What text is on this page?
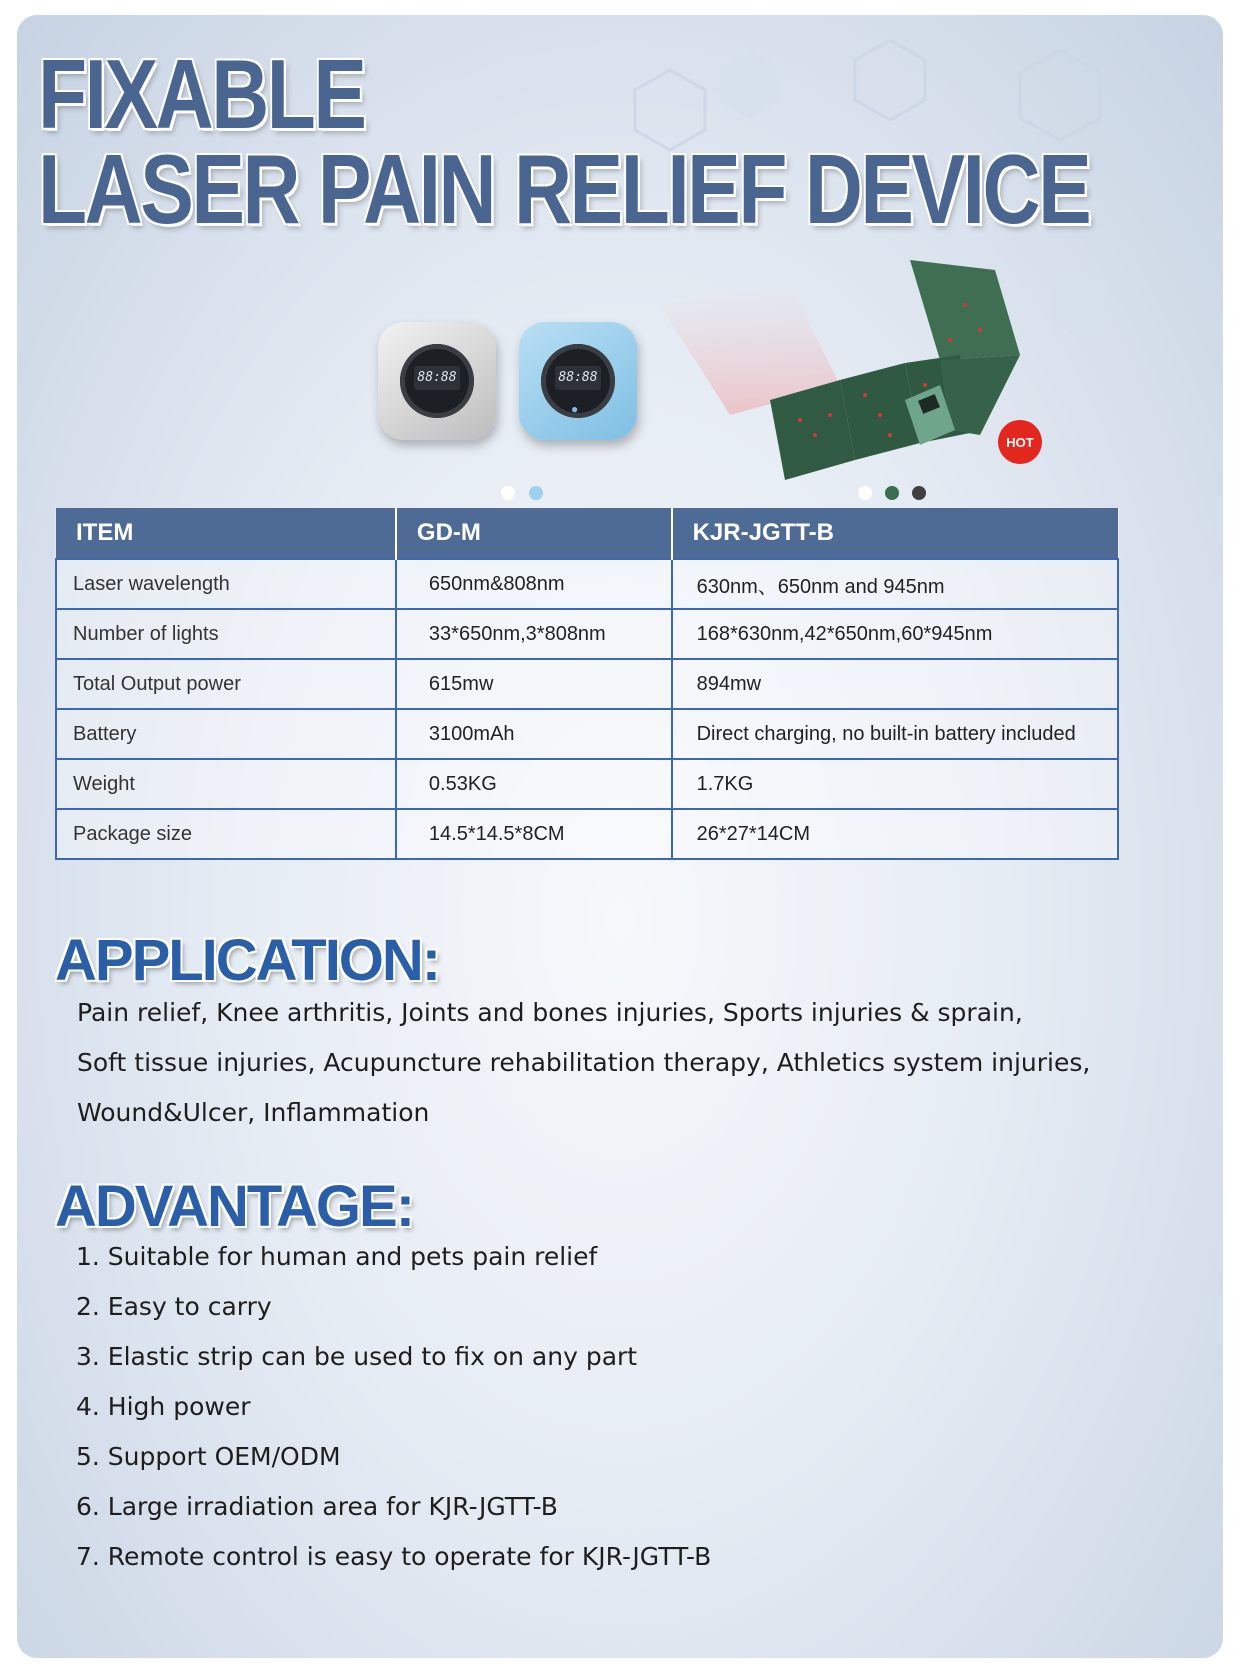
FIXABLE
LASER PAIN RELIEF DEVICE
88:88	88:88
●
HOT
ITEM	GD-M	KJR-JGTT-B
Laser wavelength	650nm&808nm	630nm、650nm and 945nm
Number of lights	33*650nm,3*808nm	168*630nm,42*650nm,60*945nm
Total Output power	615mw	894mw
Battery	3100mAh	Direct charging, no built-in battery included
Weight	0.53KG	1.7KG
Package size	14.5*14.5*8CM	26*27*14CM
APPLICATION:
Pain relief, Knee arthritis, Joints and bones injuries, Sports injuries & sprain,
Soft tissue injuries, Acupuncture rehabilitation therapy, Athletics system injuries,
Wound&Ulcer, Inflammation
ADVANTAGE:
1. Suitable for human and pets pain relief
2. Easy to carry
3. Elastic strip can be used to fix on any part
4. High power
5. Support OEM/ODM
6. Large irradiation area for KJR-JGTT-B
7. Remote control is easy to operate for KJR-JGTT-B
